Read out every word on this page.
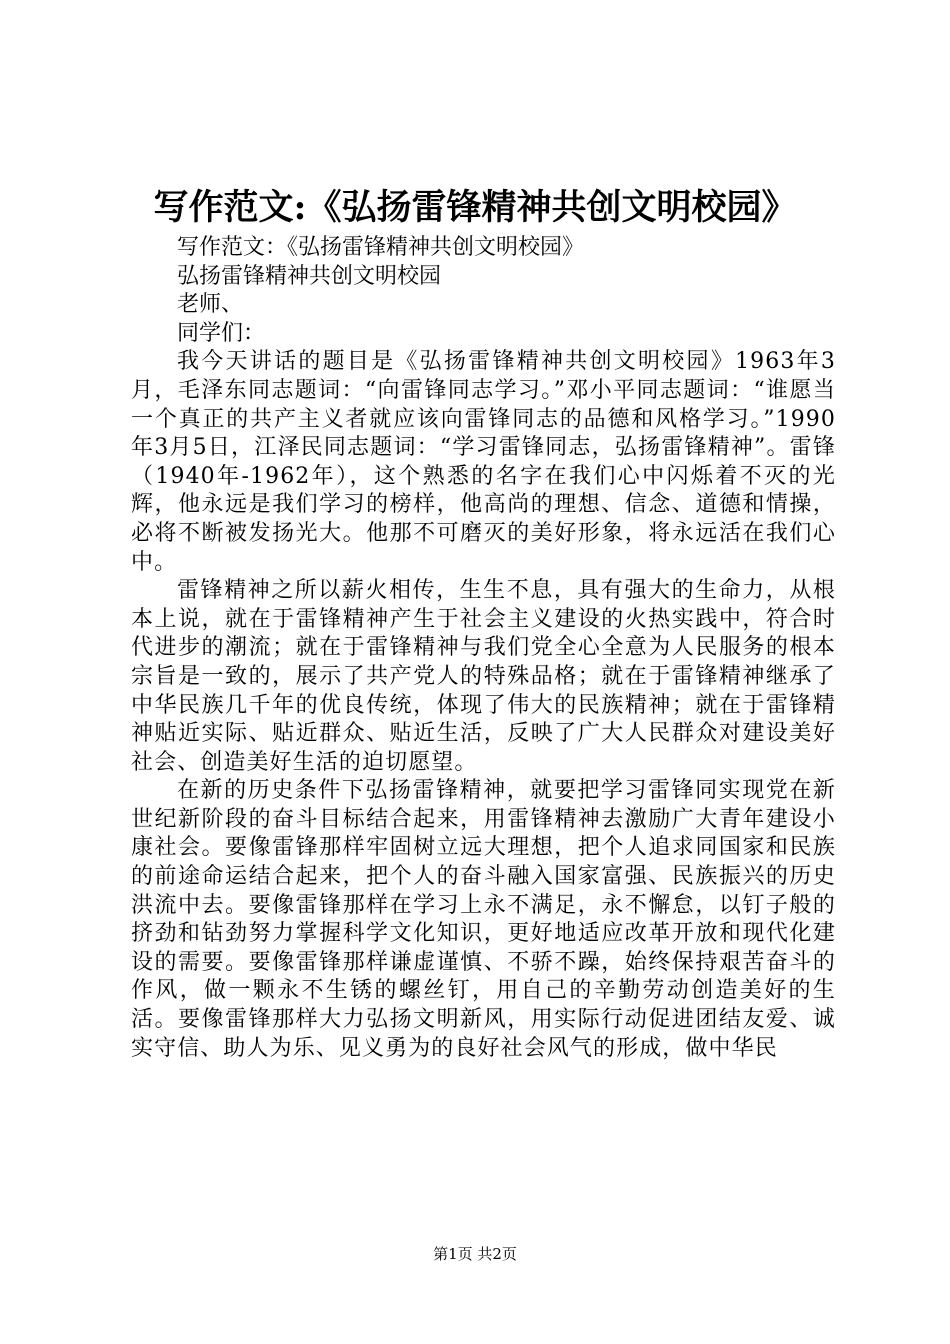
写作范文:《弘扬雷锋精神共创文明校园》

写作范文：《弘扬雷锋精神共创文明校园》

弘扬雷锋精神共创文明校园

老师、

同学们：

我今天讲话的题目是《弘扬雷锋精神共创文明校园》1963年3月，毛泽东同志题词：“向雷锋同志学习。”邓小平同志题词：“谁愿当一个真正的共产主义者就应该向雷锋同志的品德和风格学习。”1990年3月5日，江泽民同志题词：“学习雷锋同志，弘扬雷锋精神”。雷锋（1940年-1962年），这个熟悉的名字在我们心中闪烁着不灭的光辉，他永远是我们学习的榜样，他高尚的理想、信念、道德和情操，必将不断被发扬光大。他那不可磨灭的美好形象，将永远活在我们心中。

雷锋精神之所以薪火相传，生生不息，具有强大的生命力，从根本上说，就在于雷锋精神产生于社会主义建设的火热实践中，符合时代进步的潮流；就在于雷锋精神与我们党全心全意为人民服务的根本宗旨是一致的，展示了共产党人的特殊品格；就在于雷锋精神继承了中华民族几千年的优良传统，体现了伟大的民族精神；就在于雷锋精神贴近实际、贴近群众、贴近生活，反映了广大人民群众对建设美好社会、创造美好生活的迫切愿望。

在新的历史条件下弘扬雷锋精神，就要把学习雷锋同实现党在新世纪新阶段的奋斗目标结合起来，用雷锋精神去激励广大青年建设小康社会。要像雷锋那样牢固树立远大理想，把个人追求同国家和民族的前途命运结合起来，把个人的奋斗融入国家富强、民族振兴的历史洪流中去。要像雷锋那样在学习上永不满足，永不懈怠，以钉子般的挤劲和钻劲努力掌握科学文化知识，更好地适应改革开放和现代化建设的需要。要像雷锋那样谦虚谨慎、不骄不躁，始终保持艰苦奋斗的作风，做一颗永不生锈的螺丝钉，用自己的辛勤劳动创造美好的生活。要像雷锋那样大力弘扬文明新风，用实际行动促进团结友爱、诚实守信、助人为乐、见义勇为的良好社会风气的形成，做中华民

第1页 共2页
